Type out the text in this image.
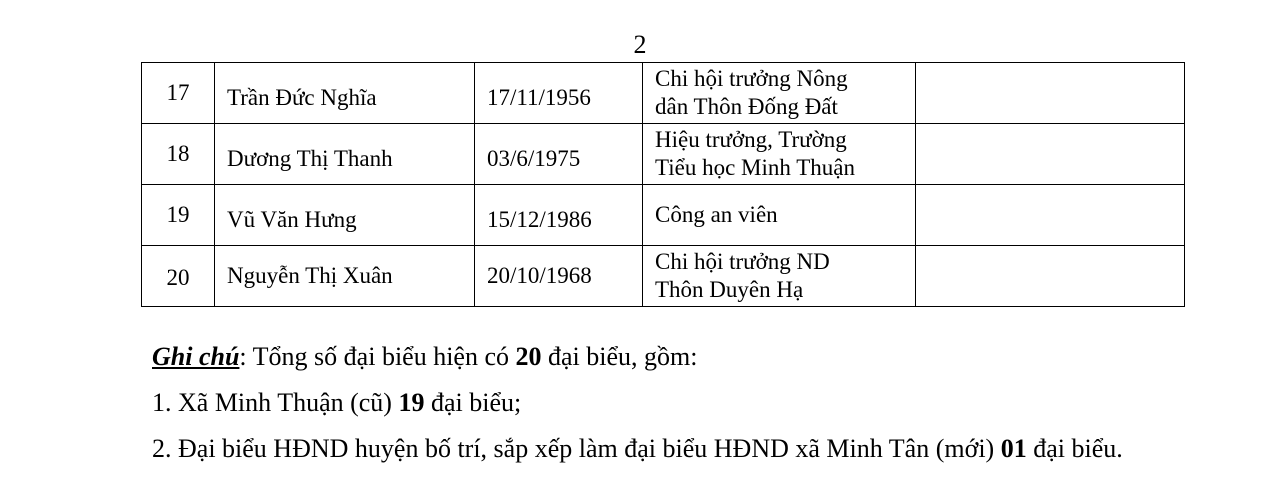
2
17	Trần Đức Nghĩa	17/11/1956	Chi hội trưởng Nông
dân Thôn Đống Đất	
18	Dương Thị Thanh	03/6/1975	Hiệu trưởng, Trường
Tiểu học Minh Thuận	
19	Vũ Văn Hưng	15/12/1986	Công an viên	
20	Nguyễn Thị Xuân	20/10/1968	Chi hội trưởng ND
Thôn Duyên Hạ	

Ghi chú: Tổng số đại biểu hiện có 20 đại biểu, gồm:

1. Xã Minh Thuận (cũ) 19 đại biểu;

2. Đại biểu HĐND huyện bố trí, sắp xếp làm đại biểu HĐND xã Minh Tân (mới) 01 đại biểu.
